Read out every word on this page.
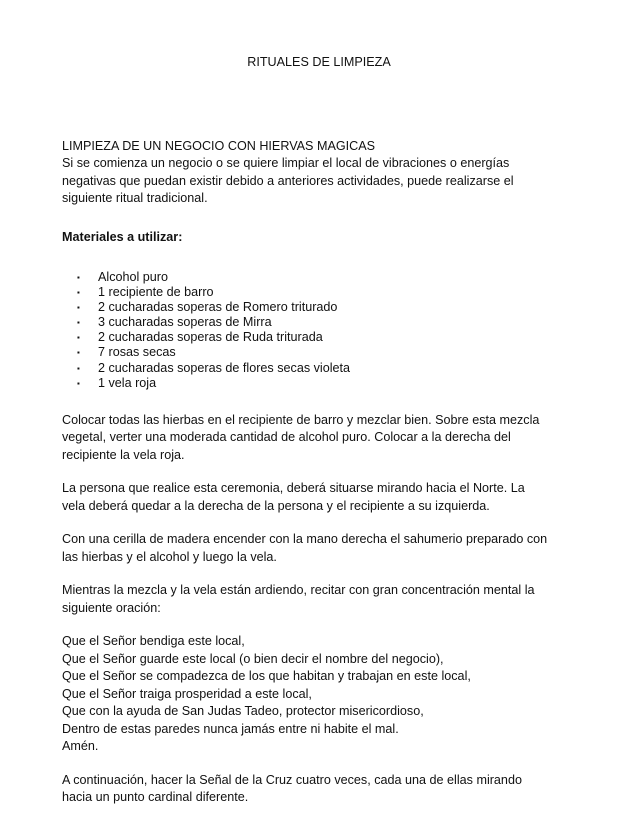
RITUALES DE LIMPIEZA
LIMPIEZA DE UN NEGOCIO CON HIERVAS MAGICAS

Si se comienza un negocio o se quiere limpiar el local de vibraciones o energías
negativas que puedan existir debido a anteriores actividades, puede realizarse el
siguiente ritual tradicional.

Materiales a utilizar:

▪ Alcohol puro
▪ 1 recipiente de barro
▪ 2 cucharadas soperas de Romero triturado
▪ 3 cucharadas soperas de Mirra
▪ 2 cucharadas soperas de Ruda triturada
▪ 7 rosas secas
▪ 2 cucharadas soperas de flores secas violeta
▪ 1 vela roja

Colocar todas las hierbas en el recipiente de barro y mezclar bien. Sobre esta mezcla
vegetal, verter una moderada cantidad de alcohol puro. Colocar a la derecha del
recipiente la vela roja.

La persona que realice esta ceremonia, deberá situarse mirando hacia el Norte. La
vela deberá quedar a la derecha de la persona y el recipiente a su izquierda.

Con una cerilla de madera encender con la mano derecha el sahumerio preparado con
las hierbas y el alcohol y luego la vela.

Mientras la mezcla y la vela están ardiendo, recitar con gran concentración mental la
siguiente oración:

Que el Señor bendiga este local,
Que el Señor guarde este local (o bien decir el nombre del negocio),
Que el Señor se compadezca de los que habitan y trabajan en este local,
Que el Señor traiga prosperidad a este local,
Que con la ayuda de San Judas Tadeo, protector misericordioso,
Dentro de estas paredes nunca jamás entre ni habite el mal.
Amén.

A continuación, hacer la Señal de la Cruz cuatro veces, cada una de ellas mirando
hacia un punto cardinal diferente.
